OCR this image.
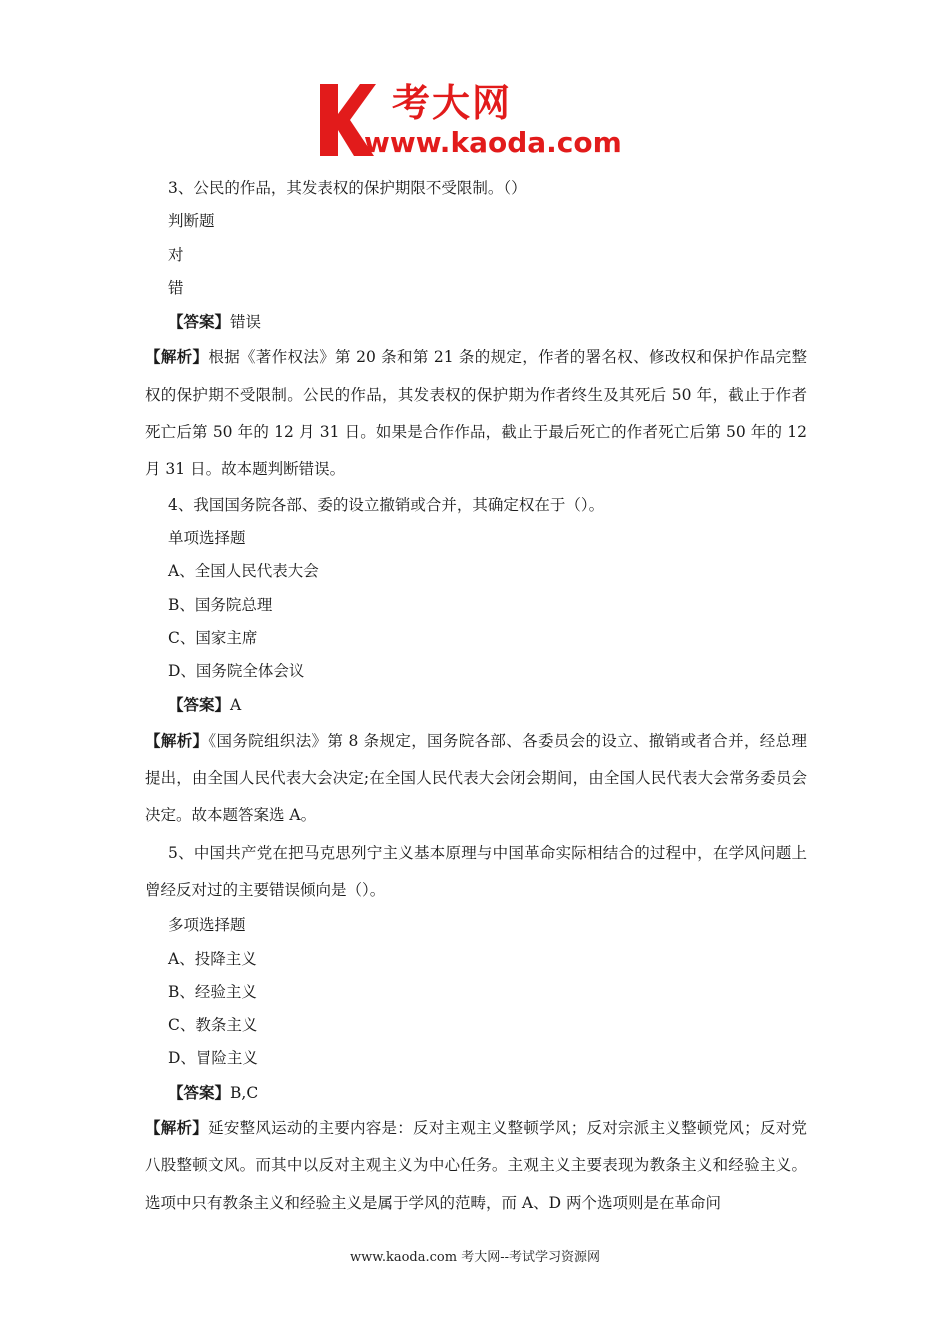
考大网
www.kaoda.com
3、公民的作品，其发表权的保护期限不受限制。（）
判断题
对
错
【答案】错误
【解析】根据《著作权法》第 20 条和第 21 条的规定，作者的署名权、修改权和保护作品完整权的保护期不受限制。公民的作品，其发表权的保护期为作者终生及其死后 50 年，截止于作者死亡后第 50 年的 12 月 31 日。如果是合作作品，截止于最后死亡的作者死亡后第 50 年的 12 月 31 日。故本题判断错误。
4、我国国务院各部、委的设立撤销或合并，其确定权在于（）。
单项选择题
A、全国人民代表大会
B、国务院总理
C、国家主席
D、国务院全体会议
【答案】A
【解析】《国务院组织法》第 8 条规定，国务院各部、各委员会的设立、撤销或者合并，经总理提出，由全国人民代表大会决定;在全国人民代表大会闭会期间，由全国人民代表大会常务委员会决定。故本题答案选 A。
5、中国共产党在把马克思列宁主义基本原理与中国革命实际相结合的过程中，在学风问题上曾经反对过的主要错误倾向是（）。
多项选择题
A、投降主义
B、经验主义
C、教条主义
D、冒险主义
【答案】B,C
【解析】延安整风运动的主要内容是：反对主观主义整顿学风；反对宗派主义整顿党风；反对党八股整顿文风。而其中以反对主观主义为中心任务。主观主义主要表现为教条主义和经验主义。选项中只有教条主义和经验主义是属于学风的范畴，而 A、D 两个选项则是在革命问
www.kaoda.com 考大网--考试学习资源网
